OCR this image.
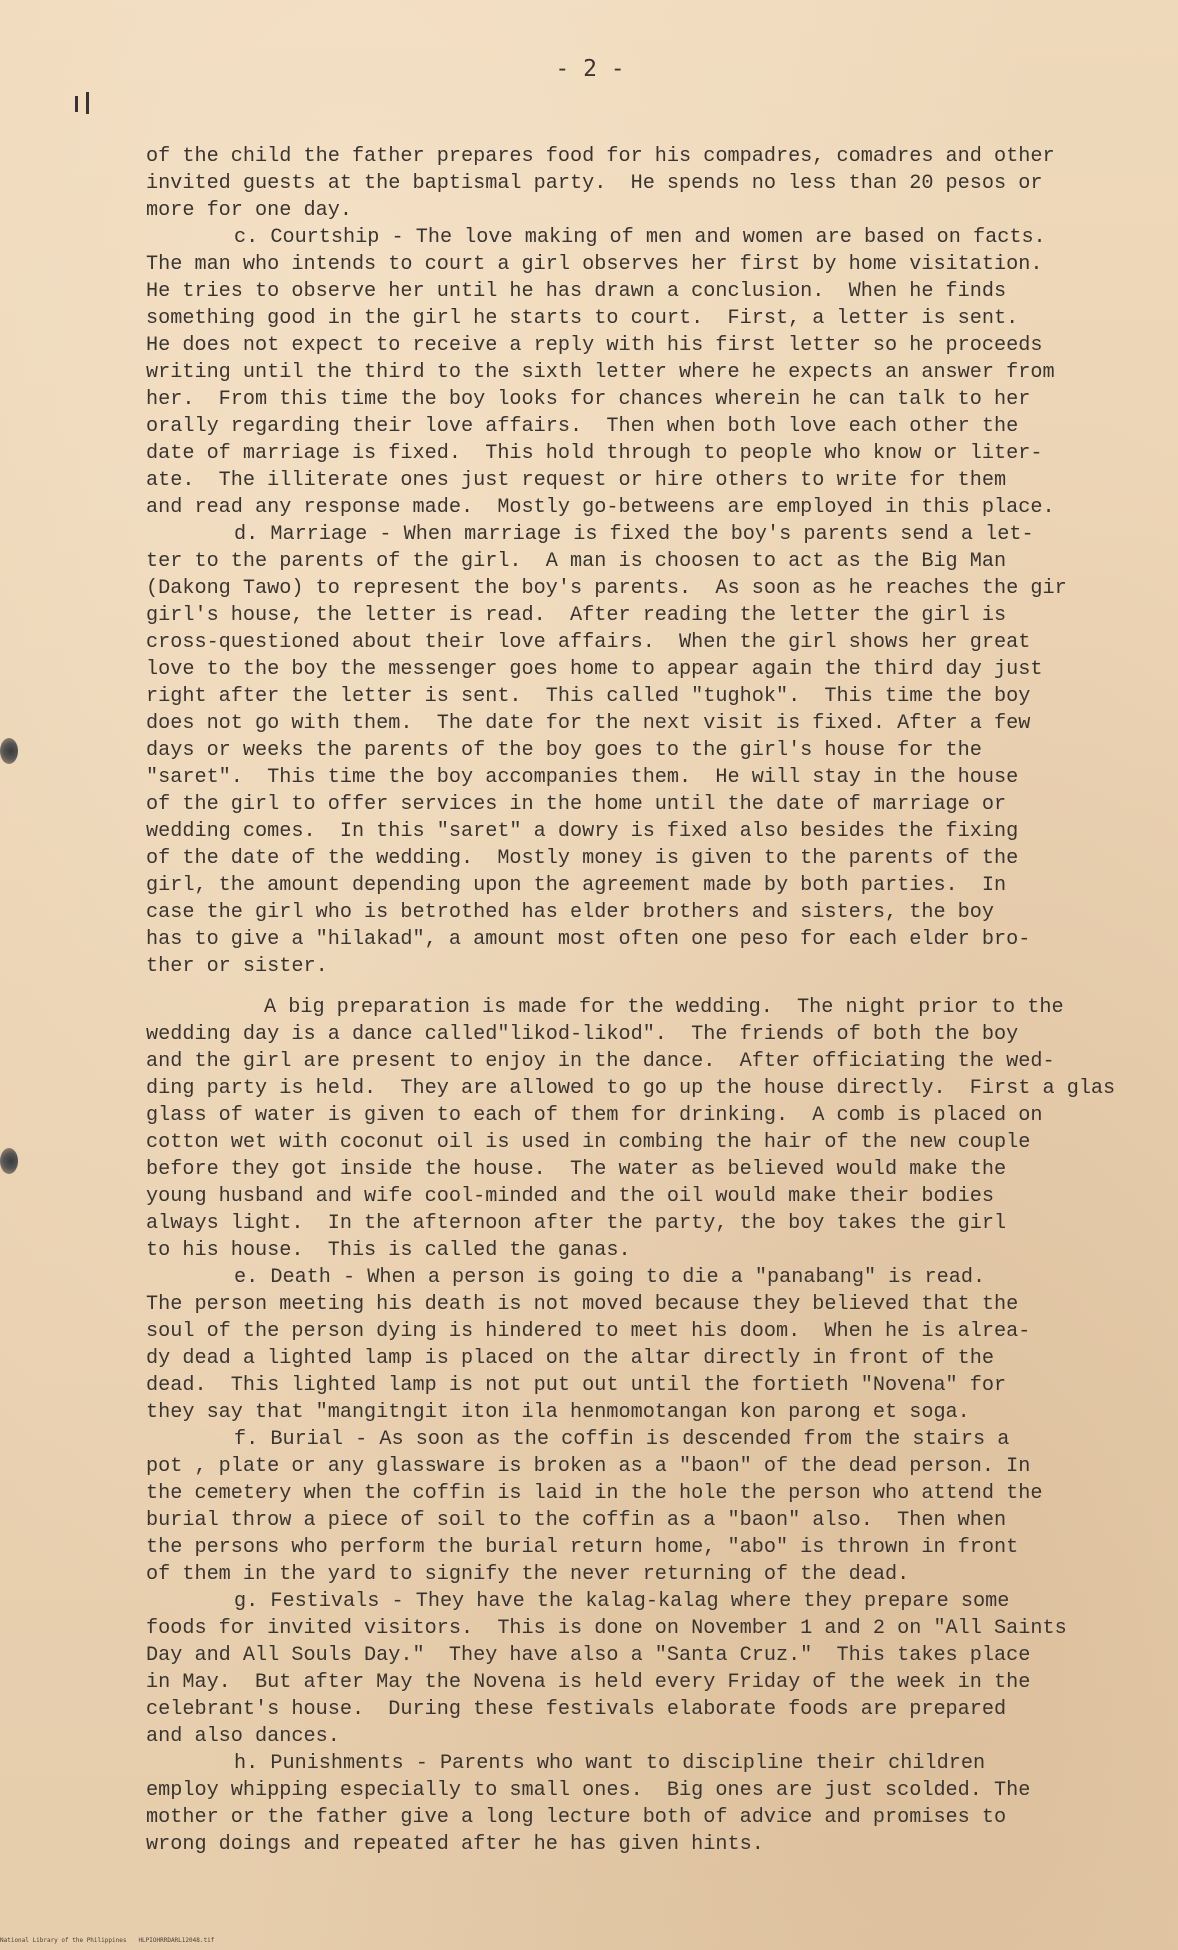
- 2 -
of the child the father prepares food for his compadres, comadres and other
invited guests at the baptismal party.  He spends no less than 20 pesos or
more for one day.
c. Courtship - The love making of men and women are based on facts.
The man who intends to court a girl observes her first by home visitation.
He tries to observe her until he has drawn a conclusion.  When he finds
something good in the girl he starts to court.  First, a letter is sent.
He does not expect to receive a reply with his first letter so he proceeds
writing until the third to the sixth letter where he expects an answer from
her.  From this time the boy looks for chances wherein he can talk to her
orally regarding their love affairs.  Then when both love each other the
date of marriage is fixed.  This hold through to people who know or liter-
ate.  The illiterate ones just request or hire others to write for them
and read any response made.  Mostly go-betweens are employed in this place.
d. Marriage - When marriage is fixed the boy's parents send a let-
ter to the parents of the girl.  A man is choosen to act as the Big Man
(Dakong Tawo) to represent the boy's parents.  As soon as he reaches the gir
girl's house, the letter is read.  After reading the letter the girl is
cross-questioned about their love affairs.  When the girl shows her great
love to the boy the messenger goes home to appear again the third day just
right after the letter is sent.  This called "tughok".  This time the boy
does not go with them.  The date for the next visit is fixed. After a few
days or weeks the parents of the boy goes to the girl's house for the
"saret".  This time the boy accompanies them.  He will stay in the house
of the girl to offer services in the home until the date of marriage or
wedding comes.  In this "saret" a dowry is fixed also besides the fixing
of the date of the wedding.  Mostly money is given to the parents of the
girl, the amount depending upon the agreement made by both parties.  In
case the girl who is betrothed has elder brothers and sisters, the boy
has to give a "hilakad", a amount most often one peso for each elder bro-
ther or sister.
A big preparation is made for the wedding.  The night prior to the
wedding day is a dance called"likod-likod".  The friends of both the boy
and the girl are present to enjoy in the dance.  After officiating the wed-
ding party is held.  They are allowed to go up the house directly.  First a glas
glass of water is given to each of them for drinking.  A comb is placed on
cotton wet with coconut oil is used in combing the hair of the new couple
before they got inside the house.  The water as believed would make the
young husband and wife cool-minded and the oil would make their bodies
always light.  In the afternoon after the party, the boy takes the girl
to his house.  This is called the ganas.
e. Death - When a person is going to die a "panabang" is read.
The person meeting his death is not moved because they believed that the
soul of the person dying is hindered to meet his doom.  When he is alrea-
dy dead a lighted lamp is placed on the altar directly in front of the
dead.  This lighted lamp is not put out until the fortieth "Novena" for
they say that "mangitngit iton ila henmomotangan kon parong et soga.
f. Burial - As soon as the coffin is descended from the stairs a
pot , plate or any glassware is broken as a "baon" of the dead person. In
the cemetery when the coffin is laid in the hole the person who attend the
burial throw a piece of soil to the coffin as a "baon" also.  Then when
the persons who perform the burial return home, "abo" is thrown in front
of them in the yard to signify the never returning of the dead.
g. Festivals - They have the kalag-kalag where they prepare some
foods for invited visitors.  This is done on November 1 and 2 on "All Saints
Day and All Souls Day."  They have also a "Santa Cruz."  This takes place
in May.  But after May the Novena is held every Friday of the week in the
celebrant's house.  During these festivals elaborate foods are prepared
and also dances.
h. Punishments - Parents who want to discipline their children
employ whipping especially to small ones.  Big ones are just scolded. The
mother or the father give a long lecture both of advice and promises to
wrong doings and repeated after he has given hints.
National Library of the Philippines HLPIOHRRDARL12048.tif
